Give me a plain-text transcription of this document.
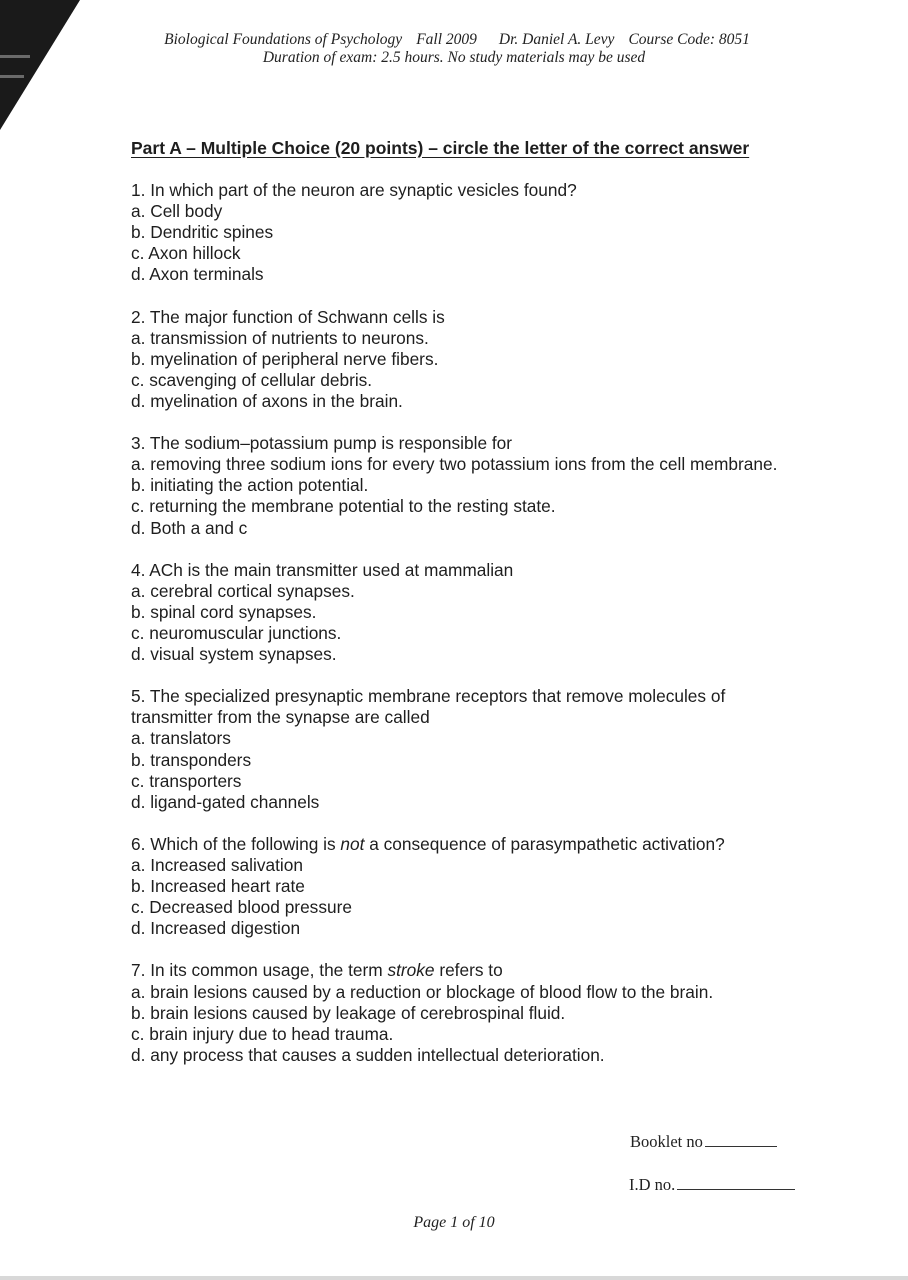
Biological Foundations of Psychology Fall 2009 Dr. Daniel A. Levy Course Code: 8051
Duration of exam: 2.5 hours. No study materials may be used
Part A – Multiple Choice (20 points) – circle the letter of the correct answer
1. In which part of the neuron are synaptic vesicles found?
a. Cell body
b. Dendritic spines
c. Axon hillock
d. Axon terminals
2. The major function of Schwann cells is
a. transmission of nutrients to neurons.
b. myelination of peripheral nerve fibers.
c. scavenging of cellular debris.
d. myelination of axons in the brain.
3. The sodium–potassium pump is responsible for
a. removing three sodium ions for every two potassium ions from the cell membrane.
b. initiating the action potential.
c. returning the membrane potential to the resting state.
d. Both a and c
4. ACh is the main transmitter used at mammalian
a. cerebral cortical synapses.
b. spinal cord synapses.
c. neuromuscular junctions.
d. visual system synapses.
5. The specialized presynaptic membrane receptors that remove molecules of transmitter from the synapse are called
a. translators
b. transponders
c. transporters
d. ligand-gated channels
6. Which of the following is not a consequence of parasympathetic activation?
a. Increased salivation
b. Increased heart rate
c. Decreased blood pressure
d. Increased digestion
7. In its common usage, the term stroke refers to
a. brain lesions caused by a reduction or blockage of blood flow to the brain.
b. brain lesions caused by leakage of cerebrospinal fluid.
c. brain injury due to head trauma.
d. any process that causes a sudden intellectual deterioration.
Booklet no
I.D no.
Page 1 of 10
